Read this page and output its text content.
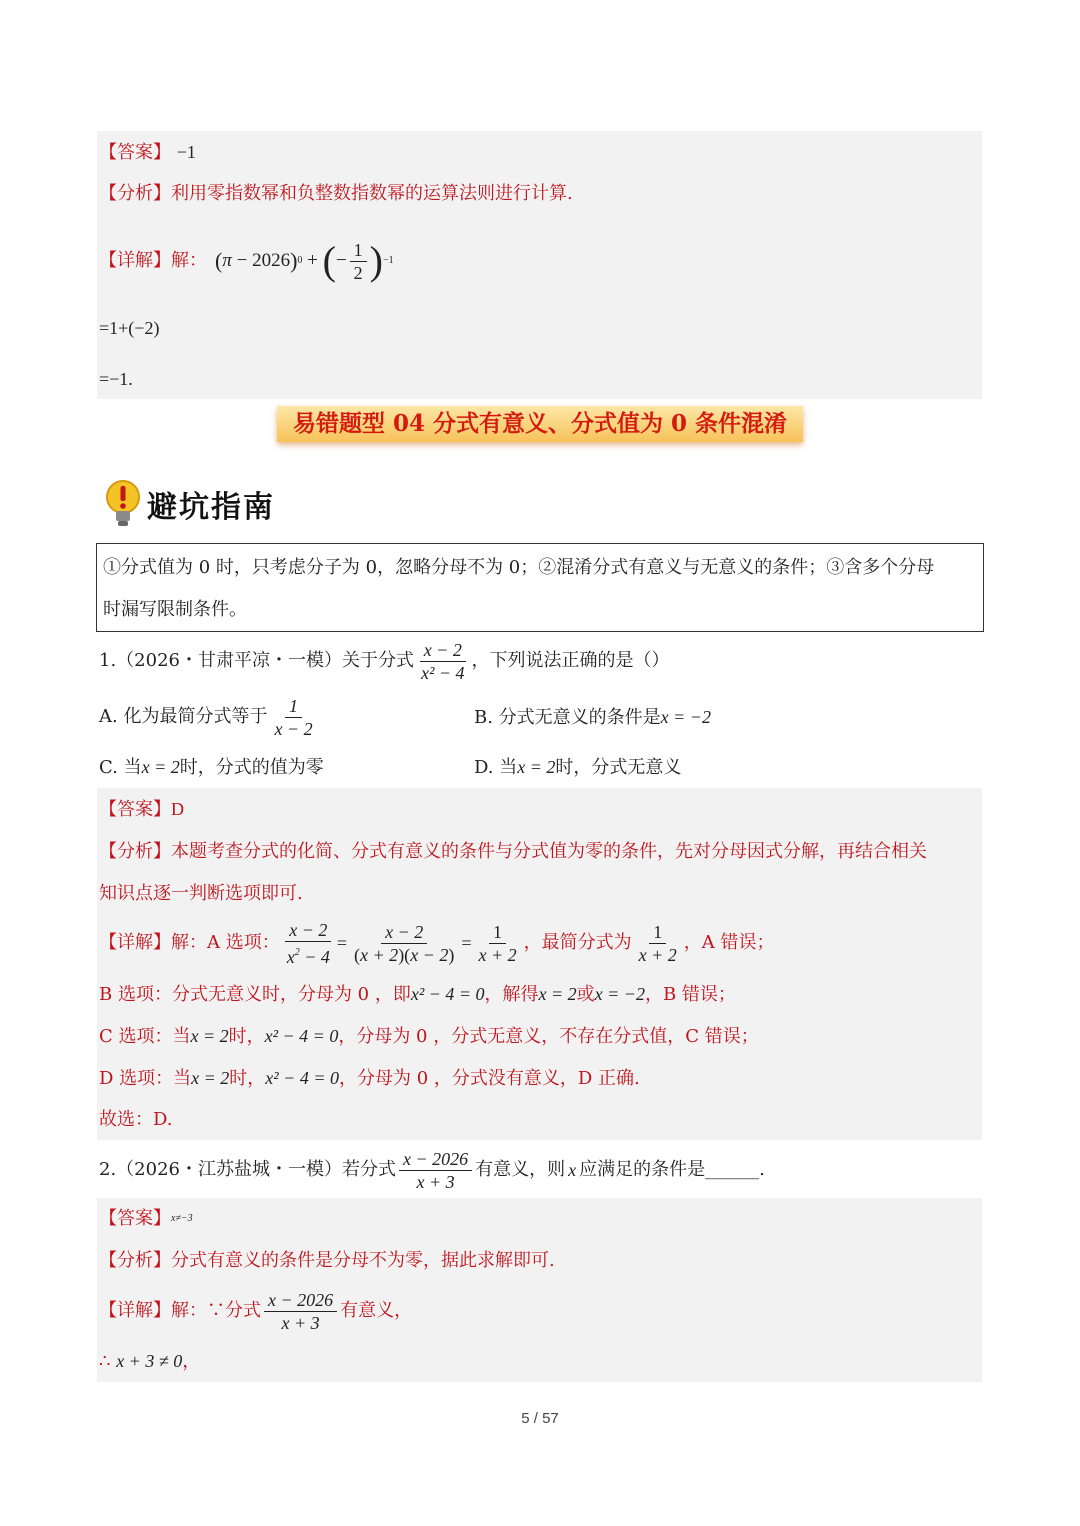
【答案】 −1
【分析】利用零指数幂和负整数指数幂的运算法则进行计算.
【详解】 解： ( π − 2026 ) 0 + ( − $\frac{1}{2}$ ) −1
=1+(−2)
=−1.
易错题型 04 分式有意义、分式值为 0 条件混淆
避坑指南
①分式值为 0 时，只考虑分子为 0，忽略分母不为 0；②混淆分式有意义与无意义的条件；③含多个分母
时漏写限制条件。
1.（2026・甘肃平凉・一模）关于分式 $\frac{x - 2}{\text{x² − 4}}$ ，下列说法正确的是（）
A. 化为最简分式等于 $\frac{1}{x - 2}$	B. 分式无意义的条件是x = −2
C. 当x = 2时，分式的值为零	D. 当x = 2时，分式无意义
【答案】D
【分析】本题考查分式的化简、分式有意义的条件与分式值为零的条件，先对分母因式分解，再结合相关
知识点逐一判断选项即可.
【详解】 解：A 选项： $\frac{x - 2}{x^2 - 4} = \frac{x - 2}{(x + 2)(x - 2)} = \frac{1}{x + 2}$ ，最简分式为 $\frac{1}{x + 2}$ ，A 错误；
B 选项：分式无意义时，分母为 0 ，即x² − 4 = 0，解得x = 2或x = −2，B 错误；
C 选项：当x = 2时，x² − 4 = 0，分母为 0 ，分式无意义，不存在分式值，C 错误；
D 选项：当x = 2时，x² − 4 = 0，分母为 0 ，分式没有意义，D 正确.
故选：D.
2.（2026・江苏盐城・一模）若分式 $\frac{x - 2026}{x + 3}$ 有意义，则 x 应满足的条件是______.
【答案】x≠−3
【分析】分式有意义的条件是分母不为零，据此求解即可.
【详解】 解：∵分式 $\frac{x - 2026}{x + 3}$ 有意义，
∴ x + 3 ≠ 0，
5 / 57
